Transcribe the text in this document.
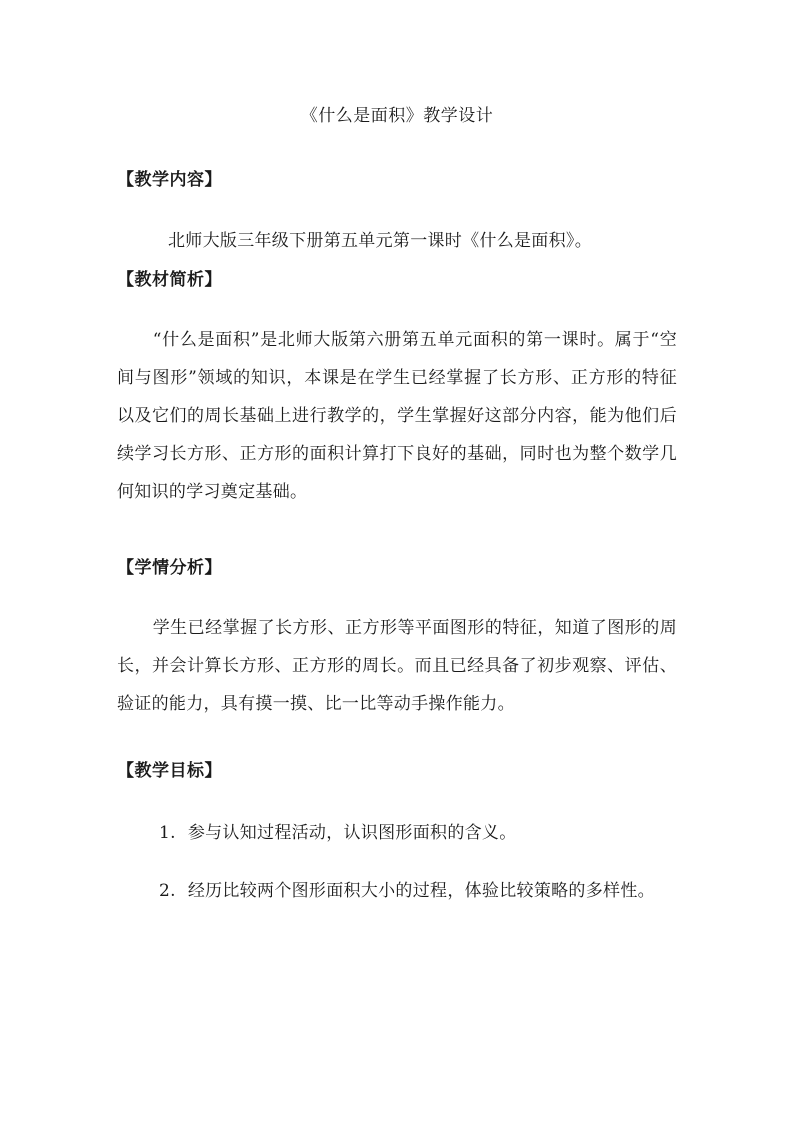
《什么是面积》教学设计
【教学内容】
北师大版三年级下册第五单元第一课时《什么是面积》。
【教材简析】
“什么是面积”是北师大版第六册第五单元面积的第一课时。属于“空间与图形”领域的知识，本课是在学生已经掌握了长方形、正方形的特征以及它们的周长基础上进行教学的，学生掌握好这部分内容，能为他们后续学习长方形、正方形的面积计算打下良好的基础，同时也为整个数学几何知识的学习奠定基础。
【学情分析】
学生已经掌握了长方形、正方形等平面图形的特征，知道了图形的周长，并会计算长方形、正方形的周长。而且已经具备了初步观察、评估、验证的能力，具有摸一摸、比一比等动手操作能力。
【教学目标】
1. 参与认知过程活动，认识图形面积的含义。
2. 经历比较两个图形面积大小的过程，体验比较策略的多样性。
